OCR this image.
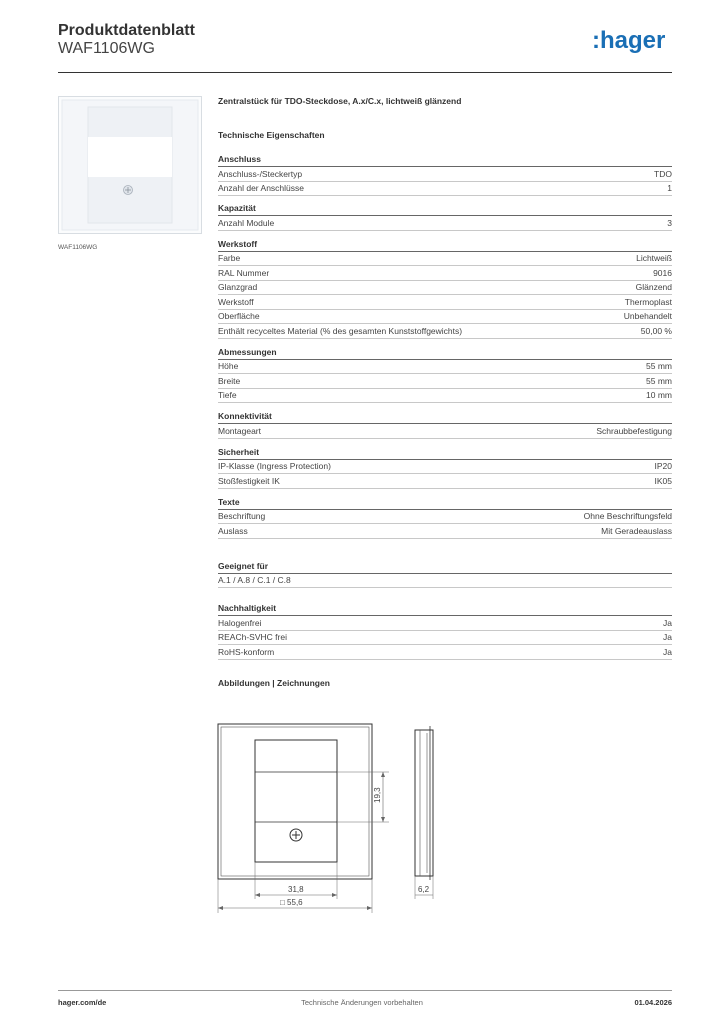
Produktdatenblatt
WAF1106WG	:hager
WAF1106WG
Zentralstück für TDO-Steckdose, A.x/C.x, lichtweiß glänzend
Technische Eigenschaften
Anschluss
Anschluss-/Steckertyp	TDO
Anzahl der Anschlüsse	1
Kapazität
Anzahl Module	3
Werkstoff
Farbe	Lichtweiß
RAL Nummer	9016
Glanzgrad	Glänzend
Werkstoff	Thermoplast
Oberfläche	Unbehandelt
Enthält recyceltes Material (% des gesamten Kunststoffgewichts)	50,00 %
Abmessungen
Höhe	55 mm
Breite	55 mm
Tiefe	10 mm
Konnektivität
Montageart	Schraubbefestigung
Sicherheit
IP-Klasse (Ingress Protection)	IP20
Stoßfestigkeit IK	IK05
Texte
Beschriftung	Ohne Beschriftungsfeld
Auslass	Mit Geradeauslass
Geeignet für
A.1 / A.8 / C.1 / C.8
Nachhaltigkeit
Halogenfrei	Ja
REACh-SVHC frei	Ja
RoHS-konform	Ja
Abbildungen | Zeichnungen
19,3
31,8
□ 55,6
6,2
hager.com/de	Technische Änderungen vorbehalten	01.04.2026
